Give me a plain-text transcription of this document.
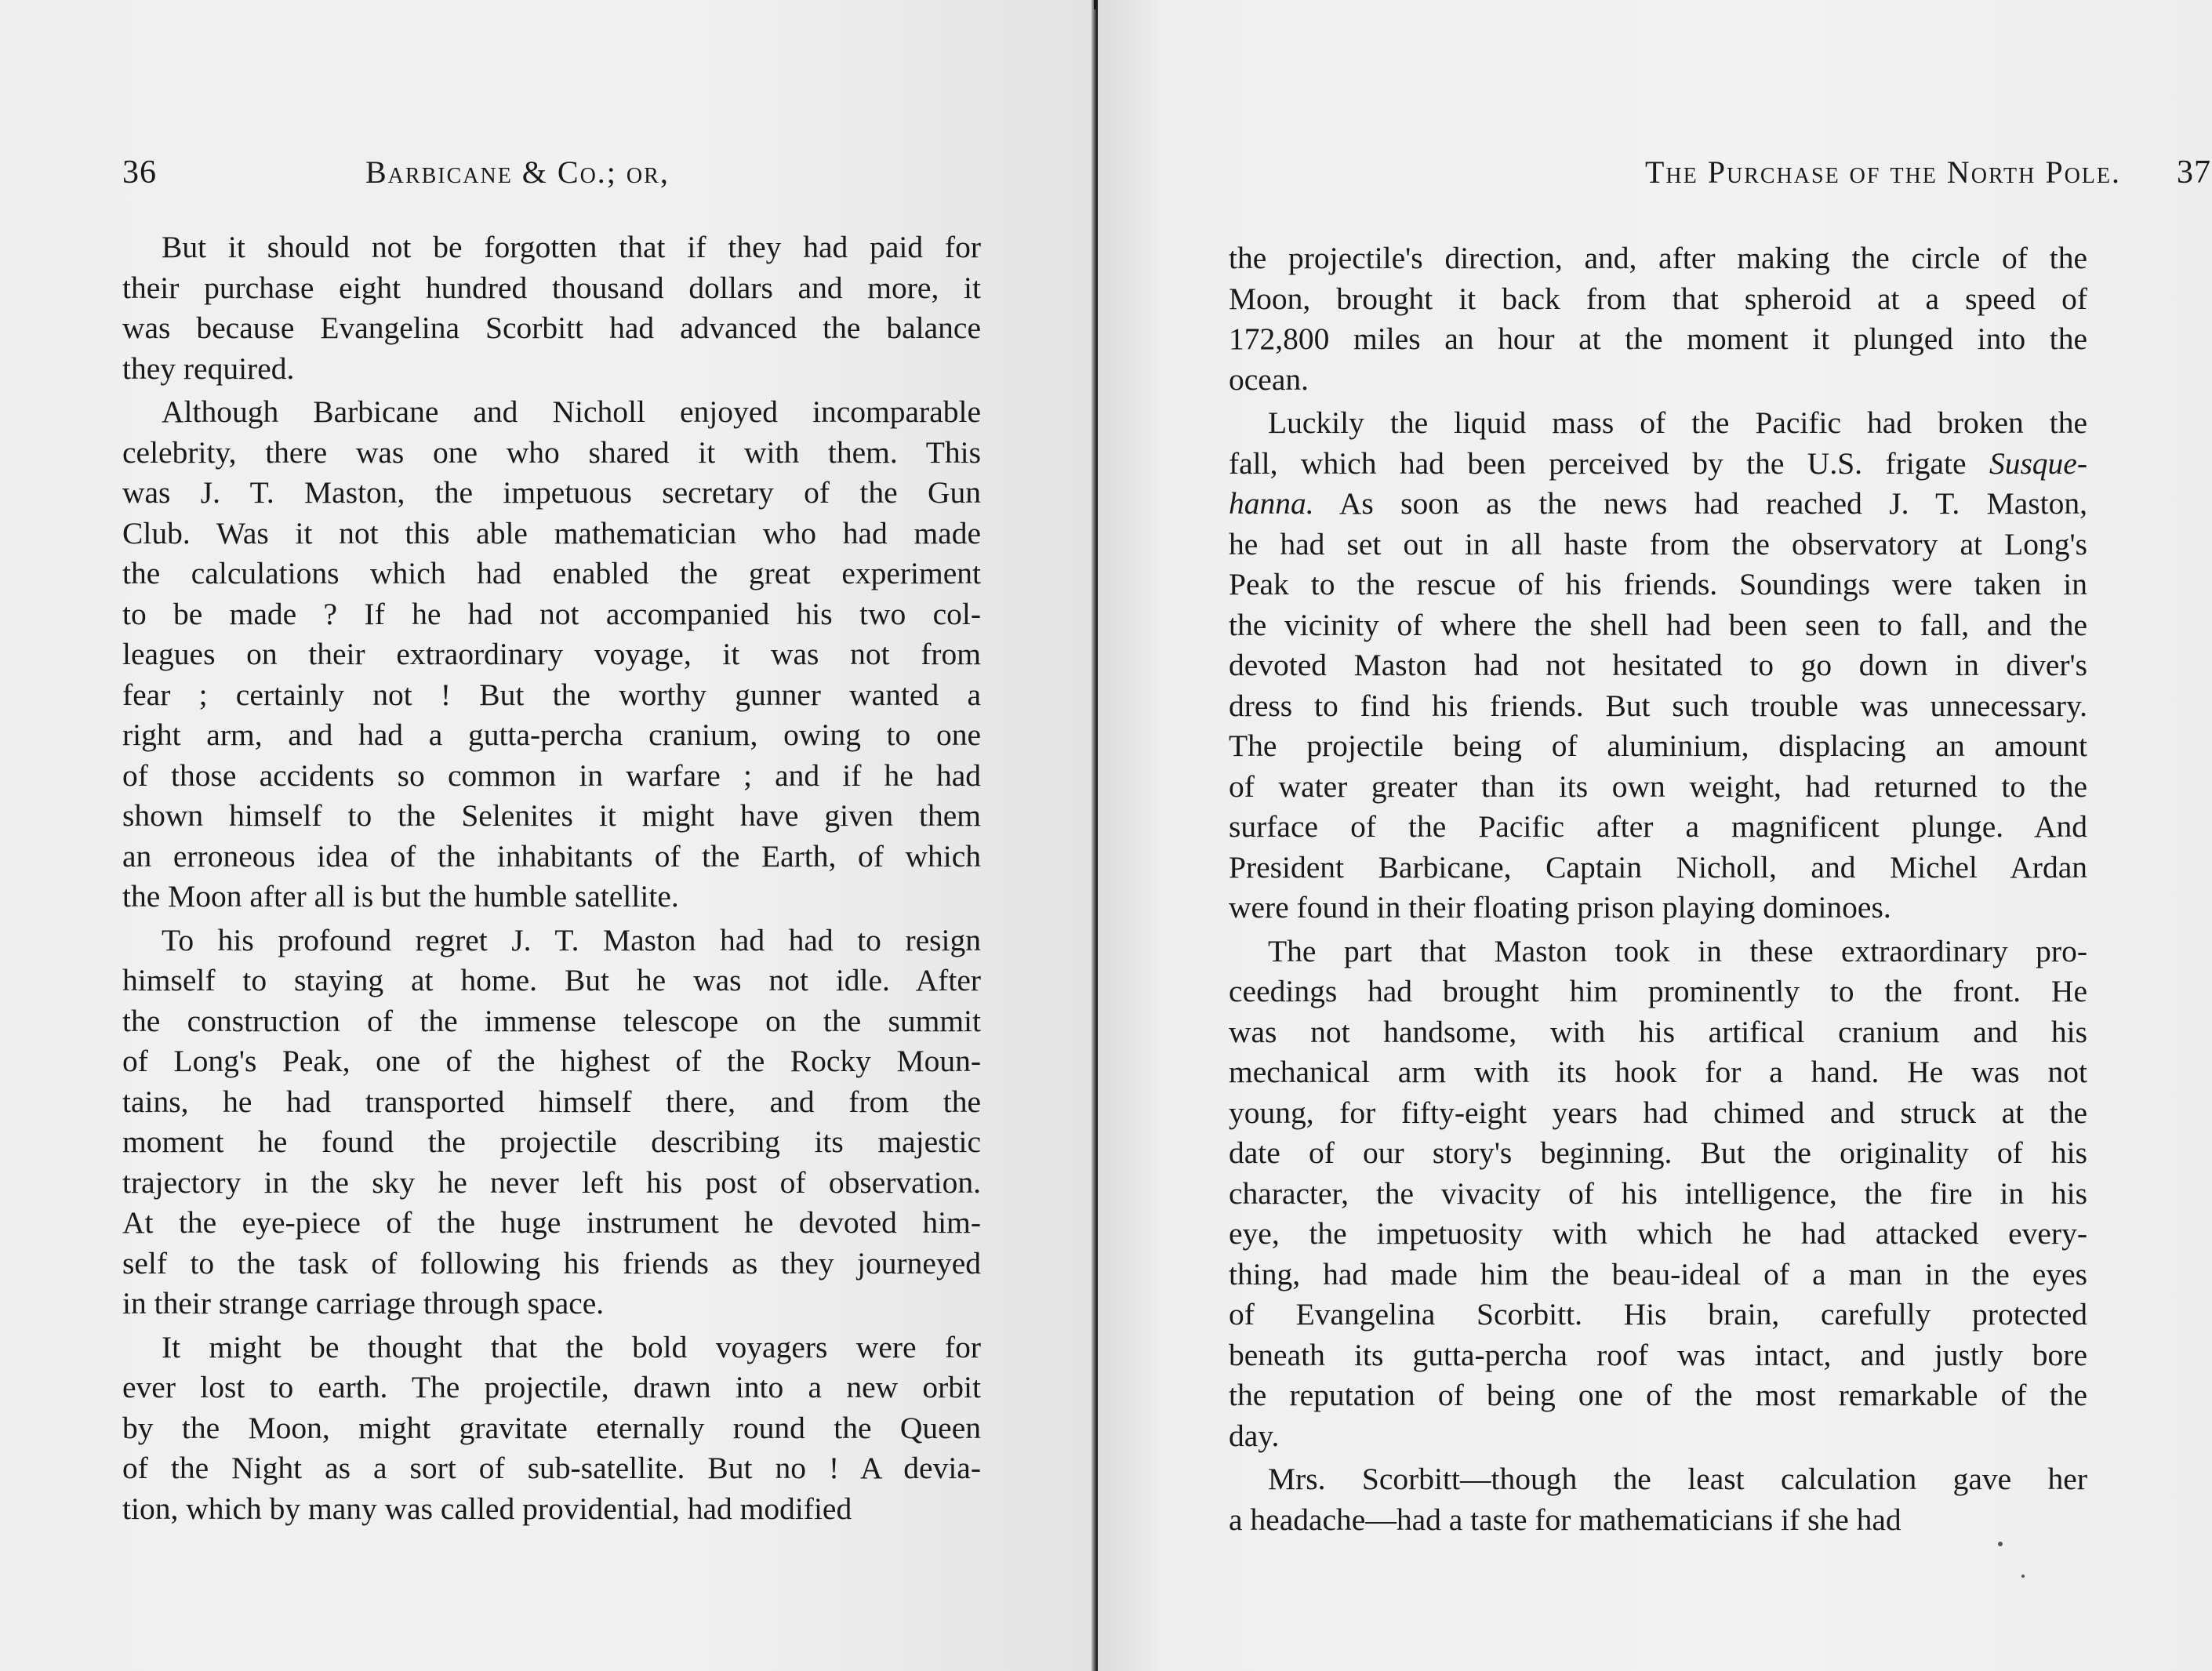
36	Barbicane & Co.; or,

But it should not be forgotten that if they had paid for
their purchase eight hundred thousand dollars and more, it
was because Evangelina Scorbitt had advanced the balance
they required.

Although Barbicane and Nicholl enjoyed incomparable
celebrity, there was one who shared it with them. This
was J. T. Maston, the impetuous secretary of the Gun
Club. Was it not this able mathematician who had made
the calculations which had enabled the great experiment
to be made ? If he had not accompanied his two col-
leagues on their extraordinary voyage, it was not from
fear ; certainly not ! But the worthy gunner wanted a
right arm, and had a gutta-percha cranium, owing to one
of those accidents so common in warfare ; and if he had
shown himself to the Selenites it might have given them
an erroneous idea of the inhabitants of the Earth, of which
the Moon after all is but the humble satellite.

To his profound regret J. T. Maston had had to resign
himself to staying at home. But he was not idle. After
the construction of the immense telescope on the summit
of Long's Peak, one of the highest of the Rocky Moun-
tains, he had transported himself there, and from the
moment he found the projectile describing its majestic
trajectory in the sky he never left his post of observation.
At the eye-piece of the huge instrument he devoted him-
self to the task of following his friends as they journeyed
in their strange carriage through space.

It might be thought that the bold voyagers were for
ever lost to earth. The projectile, drawn into a new orbit
by the Moon, might gravitate eternally round the Queen
of the Night as a sort of sub-satellite. But no ! A devia-
tion, which by many was called providential, had modified

The Purchase of the North Pole. 37

the projectile's direction, and, after making the circle of the
Moon, brought it back from that spheroid at a speed of
172,800 miles an hour at the moment it plunged into the
ocean.

Luckily the liquid mass of the Pacific had broken the
fall, which had been perceived by the U.S. frigate Susque-
hanna. As soon as the news had reached J. T. Maston,
he had set out in all haste from the observatory at Long's
Peak to the rescue of his friends. Soundings were taken in
the vicinity of where the shell had been seen to fall, and the
devoted Maston had not hesitated to go down in diver's
dress to find his friends. But such trouble was unnecessary.
The projectile being of aluminium, displacing an amount
of water greater than its own weight, had returned to the
surface of the Pacific after a magnificent plunge. And
President Barbicane, Captain Nicholl, and Michel Ardan
were found in their floating prison playing dominoes.

The part that Maston took in these extraordinary pro-
ceedings had brought him prominently to the front. He
was not handsome, with his artifical cranium and his
mechanical arm with its hook for a hand. He was not
young, for fifty-eight years had chimed and struck at the
date of our story's beginning. But the originality of his
character, the vivacity of his intelligence, the fire in his
eye, the impetuosity with which he had attacked every-
thing, had made him the beau-ideal of a man in the eyes
of Evangelina Scorbitt. His brain, carefully protected
beneath its gutta-percha roof was intact, and justly bore
the reputation of being one of the most remarkable of the
day.

Mrs. Scorbitt—though the least calculation gave her
a headache—had a taste for mathematicians if she had
